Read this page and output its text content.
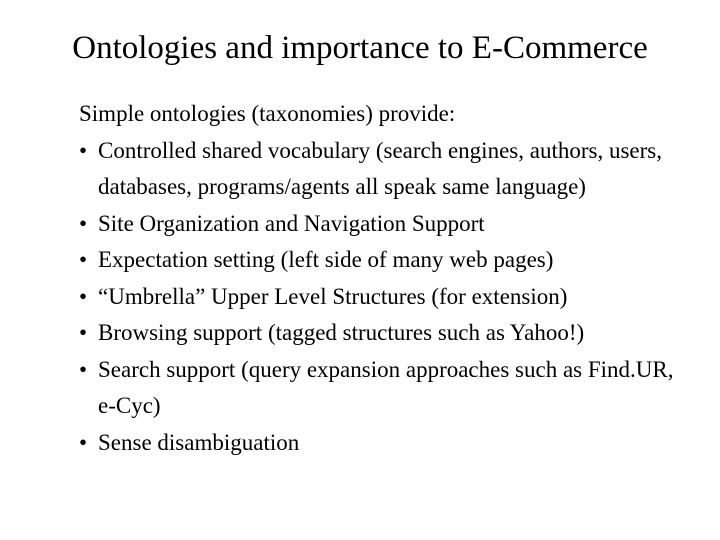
Ontologies and importance to E-Commerce

Simple ontologies (taxonomies) provide:

• Controlled shared vocabulary (search engines, authors, users, databases, programs/agents all speak same language)
• Site Organization and Navigation Support
• Expectation setting (left side of many web pages)
• “Umbrella” Upper Level Structures (for extension)
• Browsing support (tagged structures such as Yahoo!)
• Search support (query expansion approaches such as Find.UR, e-Cyc)
• Sense disambiguation
